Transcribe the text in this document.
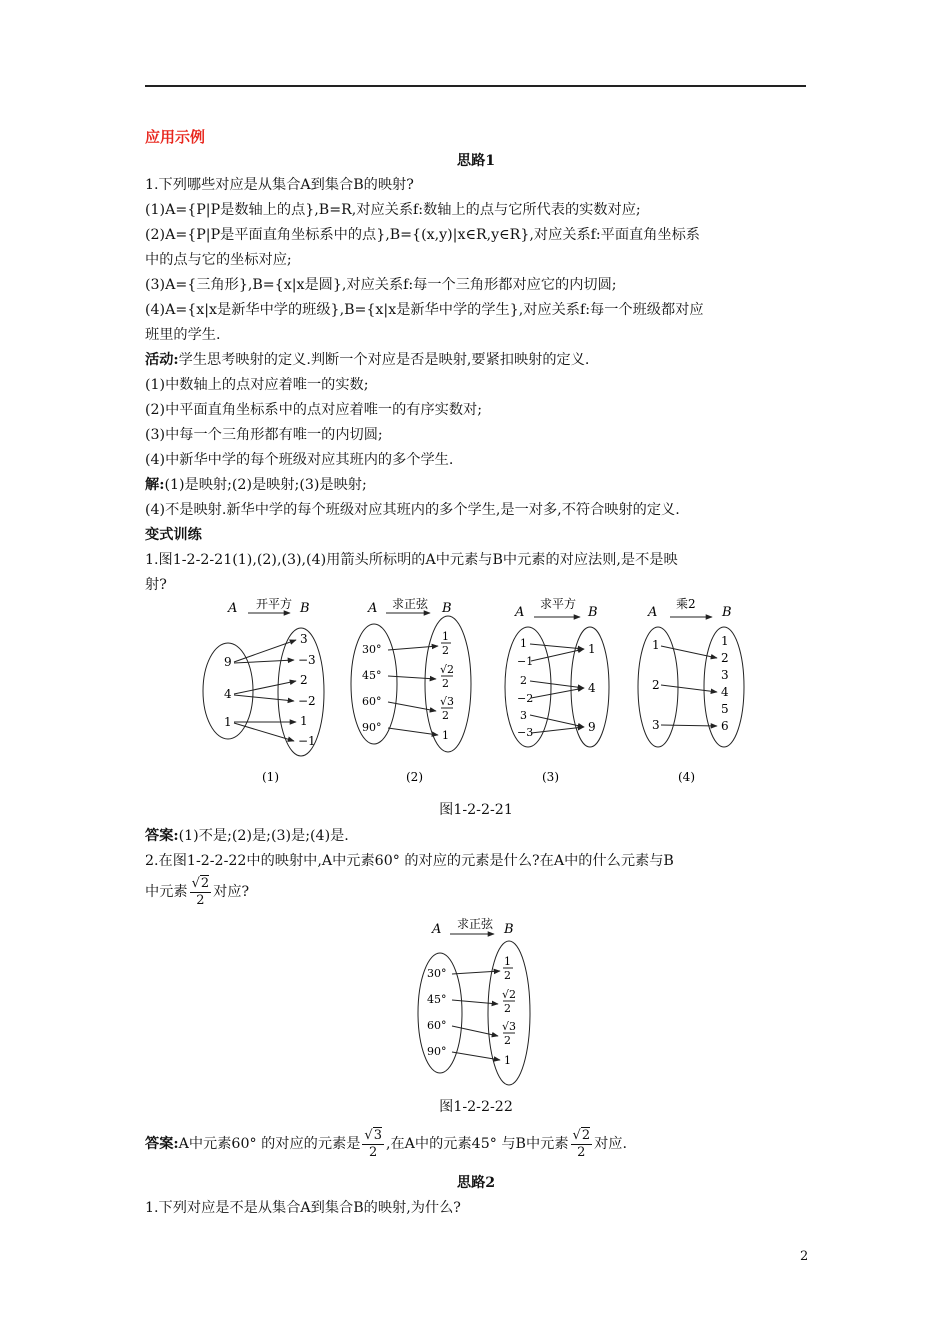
应用示例
思路1
1.下列哪些对应是从集合A到集合B的映射?
(1)A={P|P是数轴上的点},B=R,对应关系f:数轴上的点与它所代表的实数对应;
(2)A={P|P是平面直角坐标系中的点},B={(x,y)|x∈R,y∈R},对应关系f:平面直角坐标系
中的点与它的坐标对应;
(3)A={三角形},B={x|x是圆},对应关系f:每一个三角形都对应它的内切圆;
(4)A={x|x是新华中学的班级},B={x|x是新华中学的学生},对应关系f:每一个班级都对应
班里的学生.
活动:学生思考映射的定义.判断一个对应是否是映射,要紧扣映射的定义.
(1)中数轴上的点对应着唯一的实数;
(2)中平面直角坐标系中的点对应着唯一的有序实数对;
(3)中每一个三角形都有唯一的内切圆;
(4)中新华中学的每个班级对应其班内的多个学生.
解:(1)是映射;(2)是映射;(3)是映射;
(4)不是映射.新华中学的每个班级对应其班内的多个学生,是一对多,不符合映射的定义.
变式训练
1.图1-2-2-21(1),(2),(3),(4)用箭头所标明的A中元素与B中元素的对应法则,是不是映
射?
A 开平方 B
9
4
1
3
−3
2
−2
1
−1
(1)
A 求正弦 B
30°
45°
60°
90°
1
2
√2
2
√3
2
1
(2)
A
求平方
B
1
−1
2
−2
3
−3
1
4
9
(3)
A
乘2
B
1
2
3
1
2
3
4
5
6
(4)
图1-2-2-21
答案:(1)不是;(2)是;(3)是;(4)是.
2.在图1-2-2-22中的映射中,A中元素60° 的对应的元素是什么?在A中的什么元素与B
中元素 $\frac{√2}{2}$ 对应?
A 求正弦 B
30°
45°
60°
90°
1
2
√2
2
√3
2
1
图1-2-2-22
答案:A中元素60° 的对应的元素是 $\frac{√3}{2}$ ,在A中的元素45° 与B中元素 $\frac{√2}{2}$ 对应.
思路2
1.下列对应是不是从集合A到集合B的映射,为什么?
2
